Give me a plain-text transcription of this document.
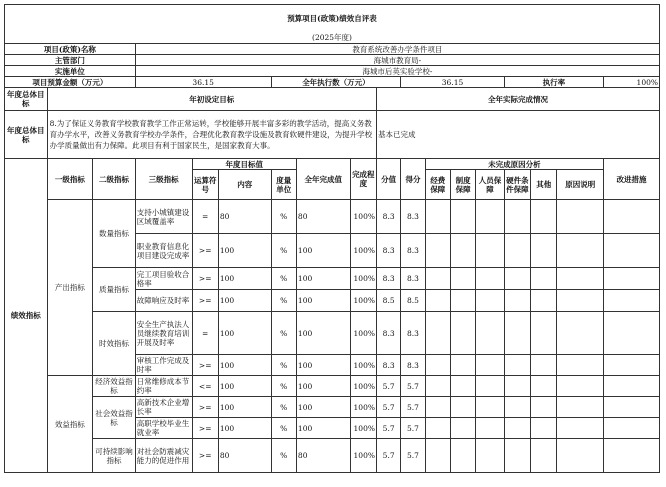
预算项目(政策)绩效自评表																	
(2025年度)																	
项目(政策)名称			教育系统改善办学条件项目														
主管部门			海城市教育局-														
实施单位			海城市后英实验学校-														
项目预算金额（万元）			36.15			全年执行数（万元）				36.15				执行率			100%
年度总体目标	年初设定目标								全年实际完成情况								
年度总体目标	8.为了保证义务教育学校教育教学工作正常运转，学校能够开展丰富多彩的教学活动，提高义务教育办学水平，改善义务教育学校办学条件，合理优化教育教学设施及教育软硬件建设，为提升学校办学质量做出有力保障。此项目有利于国家民生，是国家教育大事。								基本已完成								
绩效指标	一级指标	二级指标	三级指标	年度目标值			全年完成值	完成程度	分值	得分	未完成原因分析						改进措施
				运算符号	内容	度量单位					经费保障	制度保障	人员保障	硬件条件保障	其他	原因说明	
	产出指标	数量指标	支持小城镇建设区域覆盖率	=	80	%	80	100%	8.3	8.3							
			职业教育信息化项目建设完成率	>=	100	%	100	100%	8.3	8.3							
		质量指标	完工项目验收合格率	>=	100	%	100	100%	8.3	8.3							
			故障响应及时率	>=	100	%	100	100%	8.5	8.5							
		时效指标	安全生产执法人员继续教育培训开展及时率	=	100	%	100	100%	8.3	8.3							
			审核工作完成及时率	>=	100	%	100	100%	8.3	8.3							
	效益指标	经济效益指标	日常维修成本节约率	<=	100	%	100	100%	5.7	5.7							
		社会效益指标	高新技术企业增长率	>=	100	%	100	100%	5.7	5.7							
			高职学校毕业生就业率	>=	100	%	100	100%	5.7	5.7							
		可持续影响指标	对社会防震减灾能力的促进作用	>=	80	%	80	100%	5.7	5.7							
